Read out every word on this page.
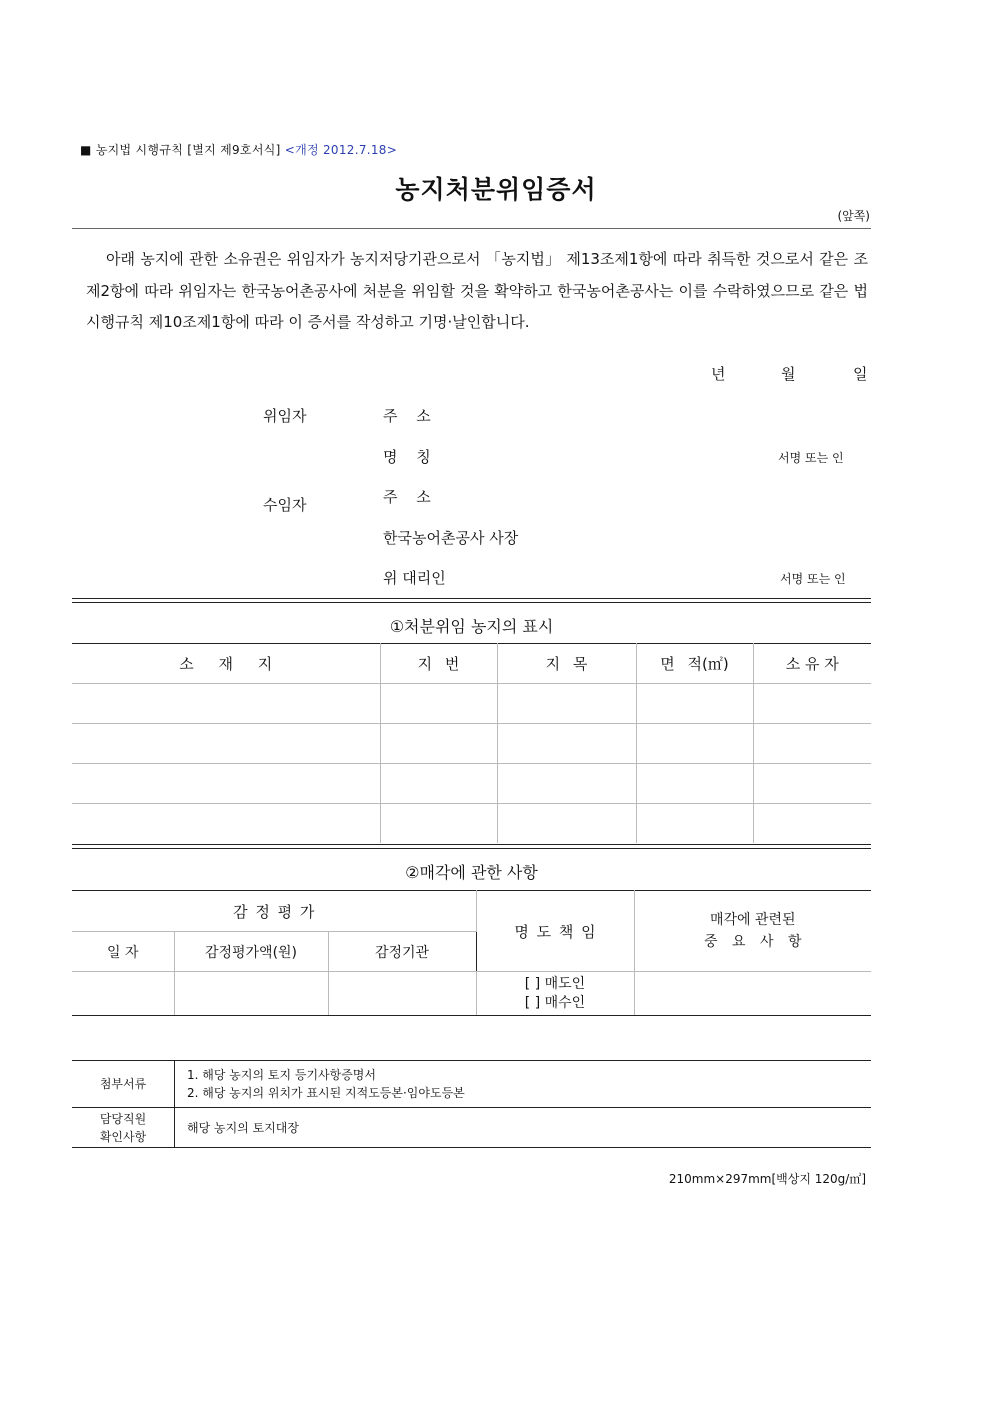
■ 농지법 시행규칙 [별지 제9호서식] <개정 2012.7.18>
농지처분위임증서
(앞쪽)
아래 농지에 관한 소유권은 위임자가 농지저당기관으로서 「농지법」 제13조제1항에 따라 취득한 것으로서 같은 조 제2항에 따라 위임자는 한국농어촌공사에 처분을 위임할 것을 확약하고 한국농어촌공사는 이를 수락하였으므로 같은 법 시행규칙 제10조제1항에 따라 이 증서를 작성하고 기명·날인합니다.
년	월	일
위임자	주 소
명 칭	서명 또는 인
수임자	주 소
한국농어촌공사 사장
위 대리인	서명 또는 인
①처분위임 농지의 표시
소 재 지	지 번	지 목	면 적(㎡)	소 유 자

②매각에 관한 사항
감 정 평 가			명 도 책 임	매각에 관련된
중 요 사 항

일 자	감정평가액(원)	감정기관		

			[ ] 매도인
[ ] 매수인	

첨부서류	1. 해당 농지의 토지 등기사항증명서
2. 해당 농지의 위치가 표시된 지적도등본·임야도등본

담당직원
확인사항	해당 농지의 토지대장
210mm×297mm[백상지 120g/㎡]
